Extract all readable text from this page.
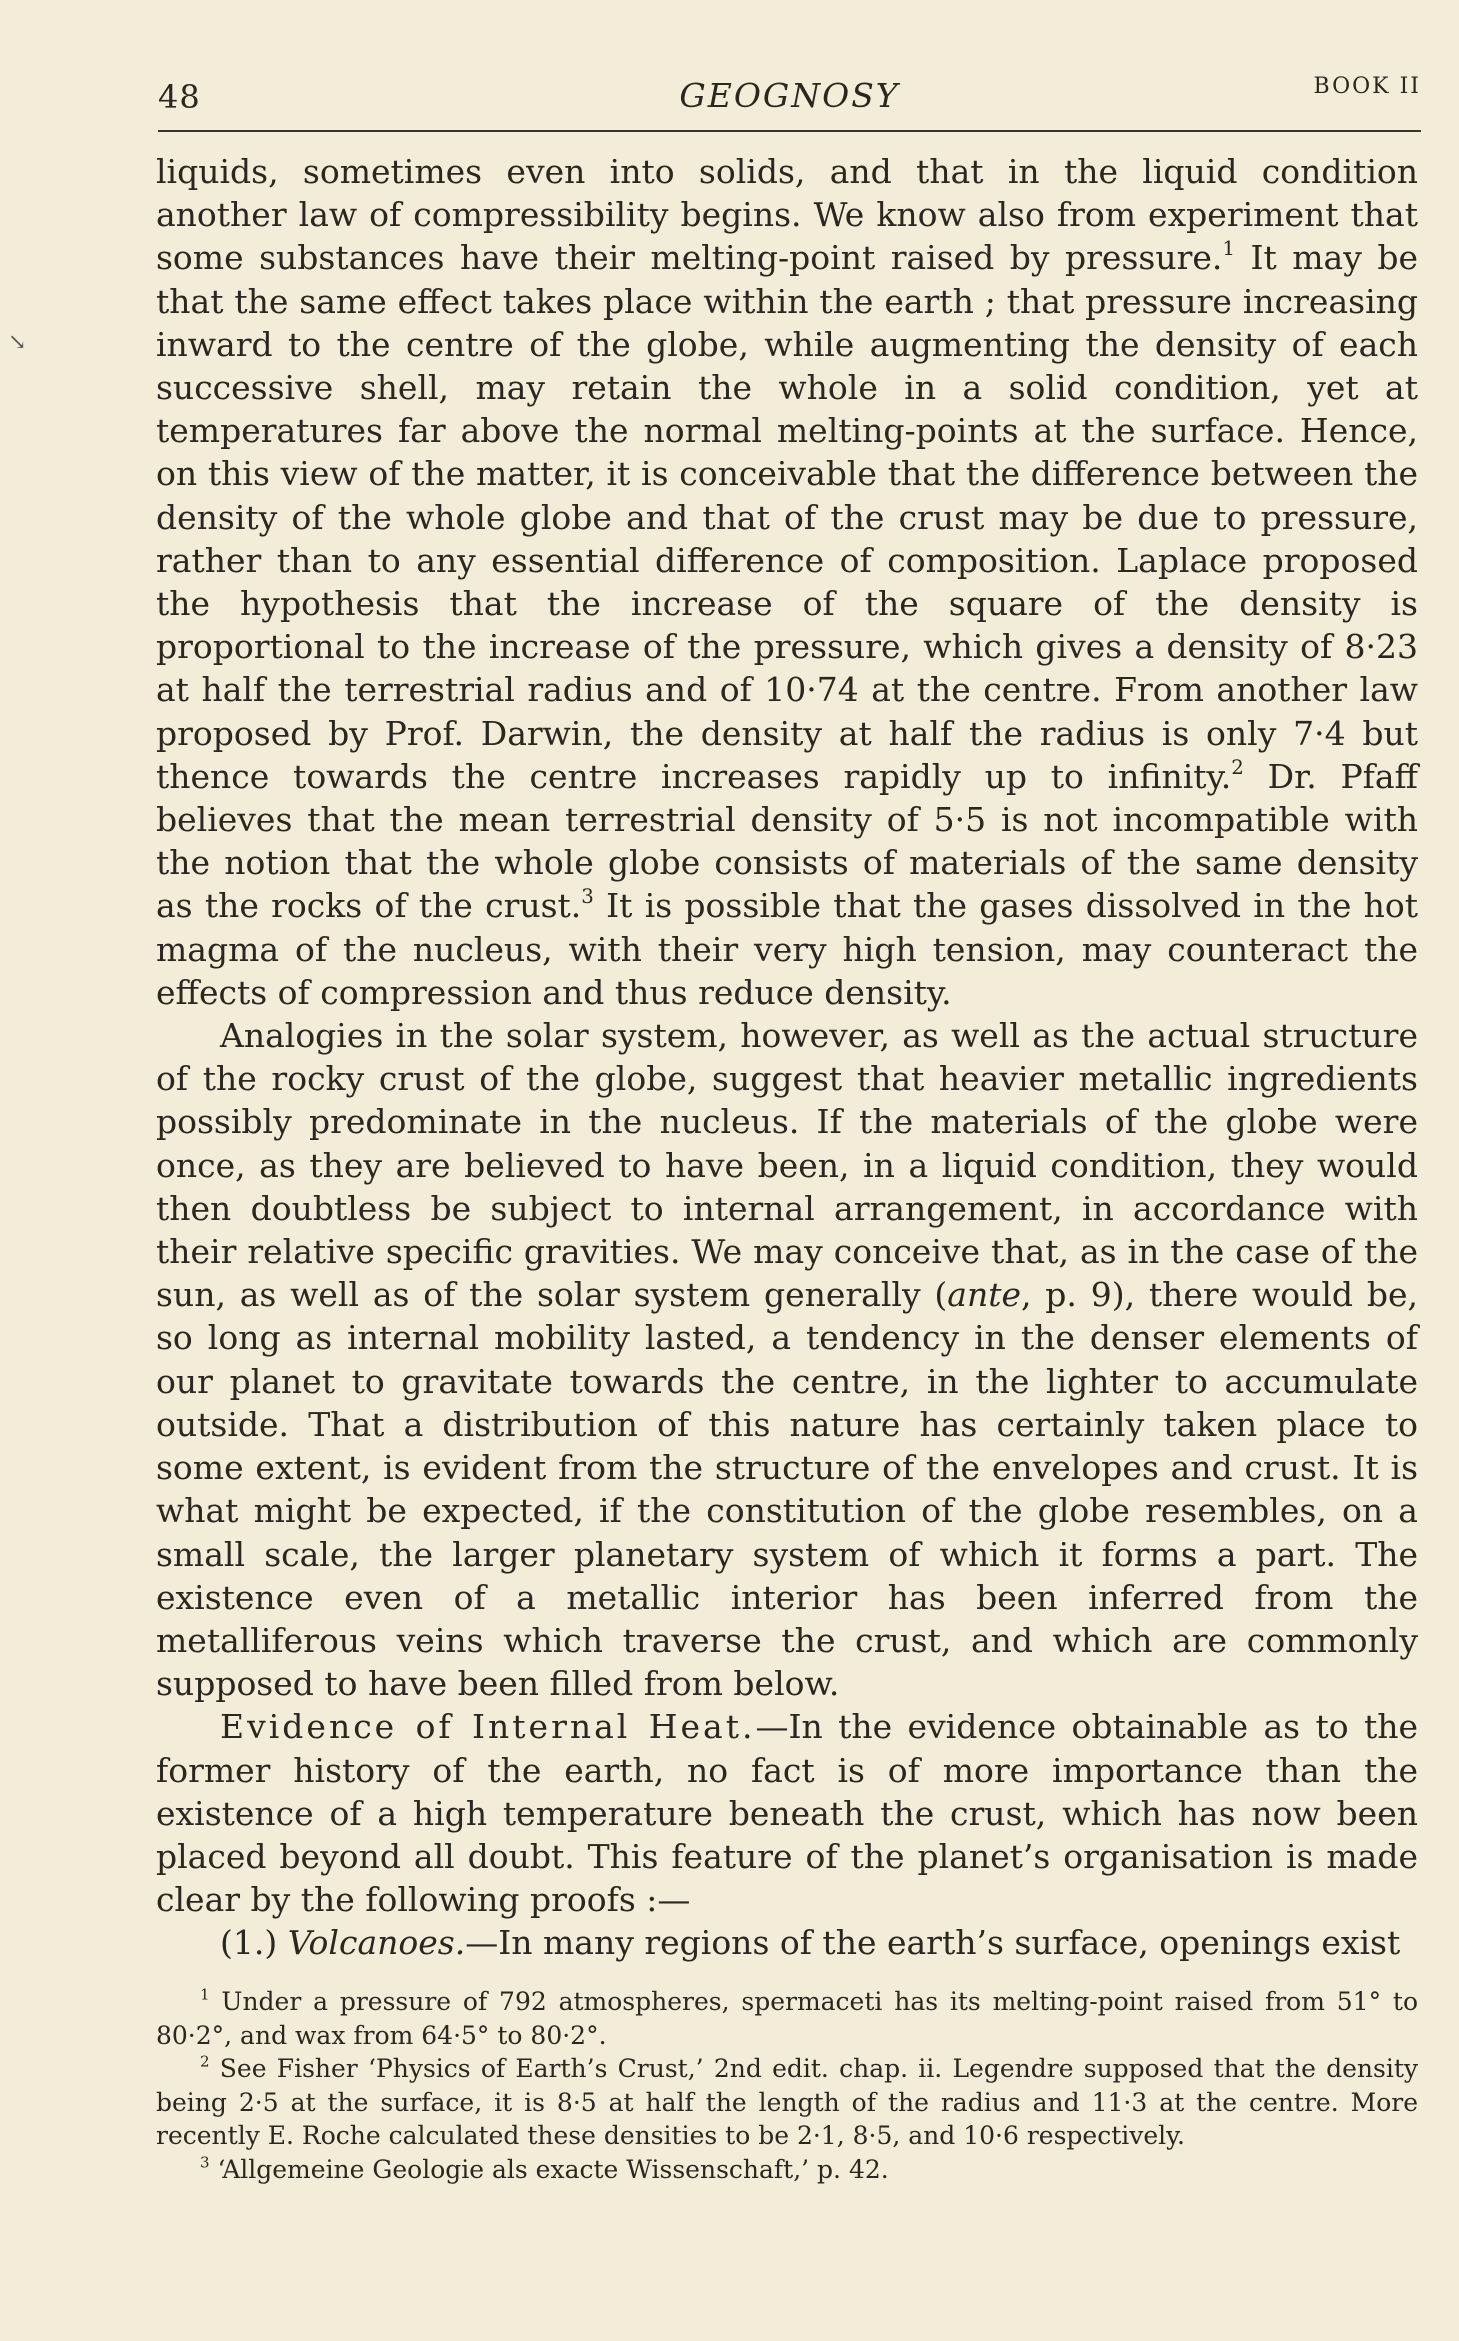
↘
48	GEOGNOSY	BOOK II

liquids, sometimes even into solids, and that in the liquid condition another law of compressibility begins. We know also from experiment that some substances have their melting-point raised by pressure.$^1$ It may be that the same effect takes place within the earth ; that pressure increasing inward to the centre of the globe, while augmenting the density of each successive shell, may retain the whole in a solid condition, yet at temperatures far above the normal melting-points at the surface. Hence, on this view of the matter, it is conceivable that the difference between the density of the whole globe and that of the crust may be due to pressure, rather than to any essential difference of composition. Laplace proposed the hypothesis that the increase of the square of the density is proportional to the increase of the pressure, which gives a density of 8·23 at half the terrestrial radius and of 10·74 at the centre. From another law proposed by Prof. Darwin, the density at half the radius is only 7·4 but thence towards the centre increases rapidly up to infinity.$^2$ Dr. Pfaff believes that the mean terrestrial density of 5·5 is not incompatible with the notion that the whole globe consists of materials of the same density as the rocks of the crust.$^3$ It is possible that the gases dissolved in the hot magma of the nucleus, with their very high tension, may counteract the effects of compression and thus reduce density.

Analogies in the solar system, however, as well as the actual structure of the rocky crust of the globe, suggest that heavier metallic ingredients possibly predominate in the nucleus. If the materials of the globe were once, as they are believed to have been, in a liquid condition, they would then doubtless be subject to internal arrangement, in accordance with their relative specific gravities. We may conceive that, as in the case of the sun, as well as of the solar system generally (ante, p. 9), there would be, so long as internal mobility lasted, a tendency in the denser elements of our planet to gravitate towards the centre, in the lighter to accumulate outside. That a distribution of this nature has certainly taken place to some extent, is evident from the structure of the envelopes and crust. It is what might be expected, if the constitution of the globe resembles, on a small scale, the larger planetary system of which it forms a part. The existence even of a metallic interior has been inferred from the metalliferous veins which traverse the crust, and which are commonly supposed to have been filled from below.

Evidence of Internal Heat.—In the evidence obtainable as to the former history of the earth, no fact is of more importance than the existence of a high temperature beneath the crust, which has now been placed beyond all doubt. This feature of the planet’s organisation is made clear by the following proofs :—

(1.) Volcanoes.—In many regions of the earth’s surface, openings exist

$^1$ Under a pressure of 792 atmospheres, spermaceti has its melting-point raised from 51° to 80·2°, and wax from 64·5° to 80·2°.

$^2$ See Fisher ‘Physics of Earth’s Crust,’ 2nd edit. chap. ii. Legendre supposed that the density being 2·5 at the surface, it is 8·5 at half the length of the radius and 11·3 at the centre. More recently E. Roche calculated these densities to be 2·1, 8·5, and 10·6 respectively.

$^3$ ‘Allgemeine Geologie als exacte Wissenschaft,’ p. 42.
